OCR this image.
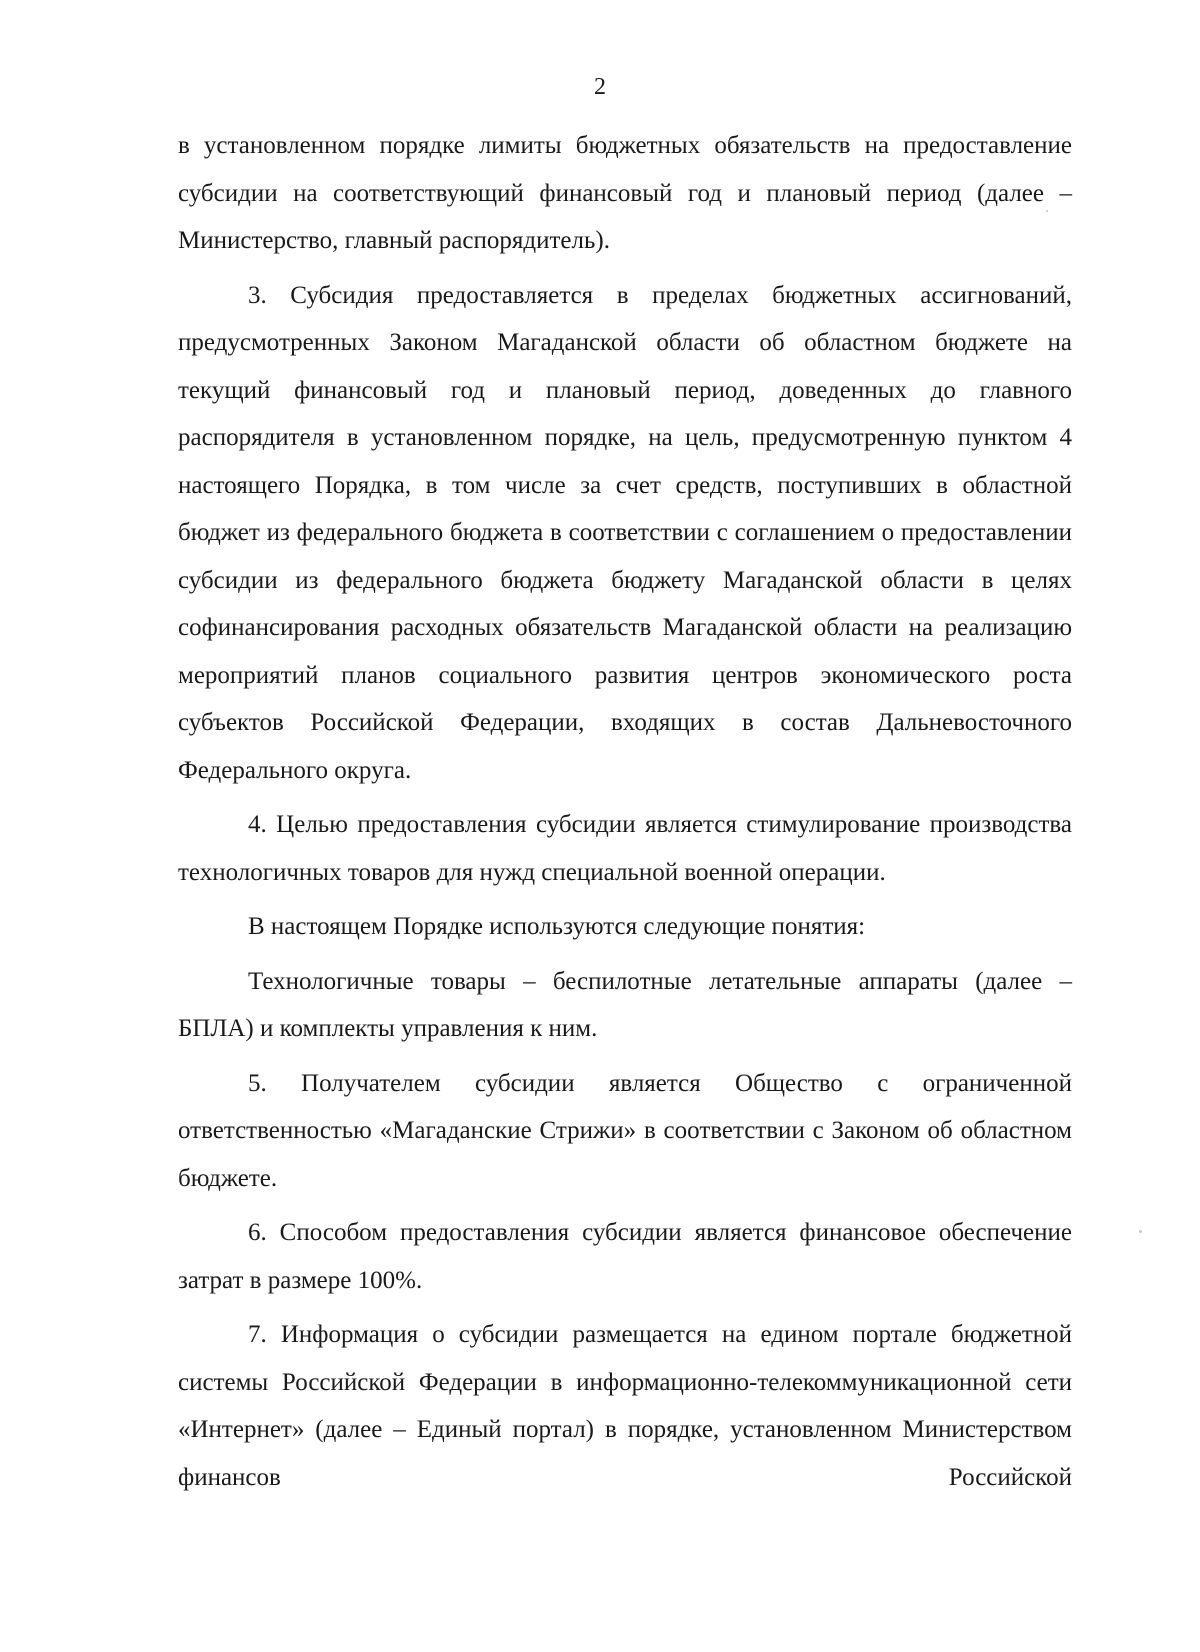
2

в установленном порядке лимиты бюджетных обязательств на предоставление субсидии на соответствующий финансовый год и плановый период (далее – Министерство, главный распорядитель).

3. Субсидия предоставляется в пределах бюджетных ассигнований, предусмотренных Законом Магаданской области об областном бюджете на текущий финансовый год и плановый период, доведенных до главного распорядителя в установленном порядке, на цель, предусмотренную пунктом 4 настоящего Порядка, в том числе за счет средств, поступивших в областной бюджет из федерального бюджета в соответствии с соглашением о предоставлении субсидии из федерального бюджета бюджету Магаданской области в целях софинансирования расходных обязательств Магаданской области на реализацию мероприятий планов социального развития центров экономического роста субъектов Российской Федерации, входящих в состав Дальневосточного Федерального округа.

4. Целью предоставления субсидии является стимулирование производства технологичных товаров для нужд специальной военной операции.

В настоящем Порядке используются следующие понятия:

Технологичные товары – беспилотные летательные аппараты (далее – БПЛА) и комплекты управления к ним.

5. Получателем субсидии является Общество с ограниченной ответственностью «Магаданские Стрижи» в соответствии с Законом об областном бюджете.

6. Способом предоставления субсидии является финансовое обеспечение затрат в размере 100%.

7. Информация о субсидии размещается на едином портале бюджетной системы Российской Федерации в информационно-телекоммуникационной сети «Интернет» (далее – Единый портал) в порядке, установленном Министерством финансов Российской
